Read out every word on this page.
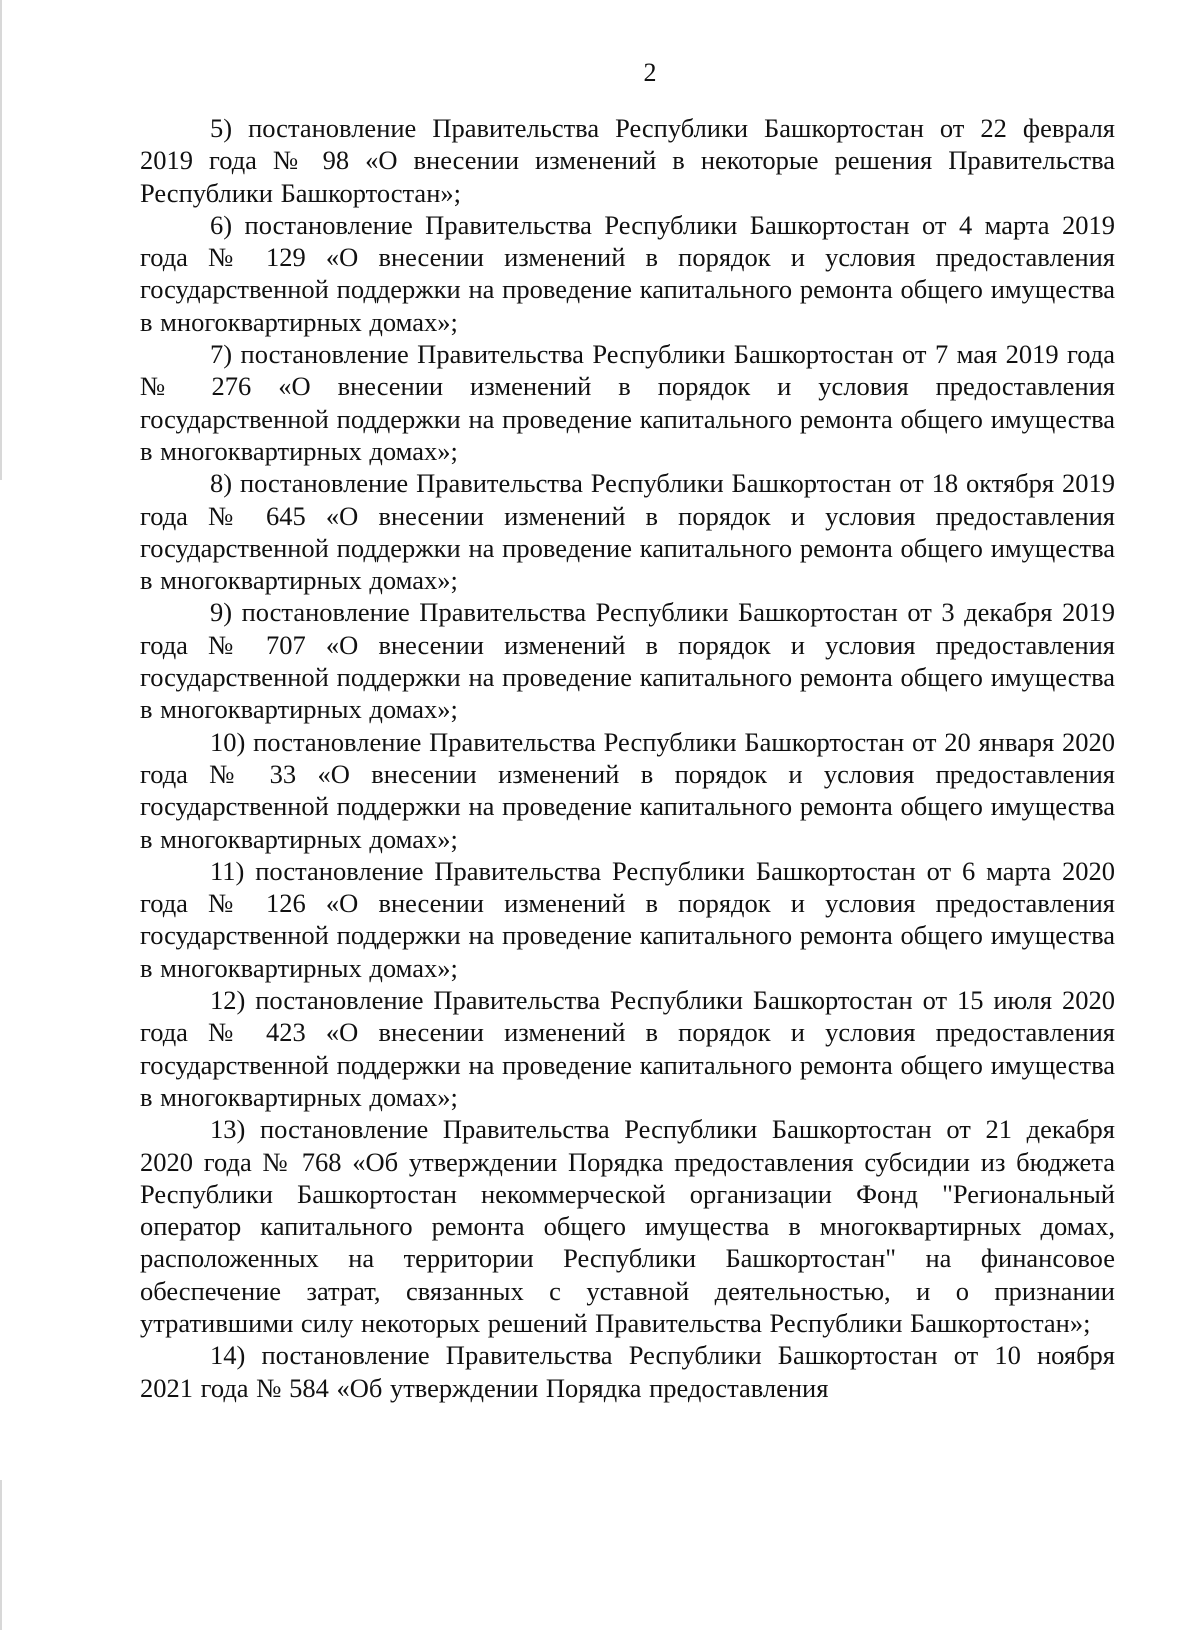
2

5) постановление Правительства Республики Башкортостан от 22 февраля 2019 года № 98 «О внесении изменений в некоторые решения Правительства Республики Башкортостан»;

6) постановление Правительства Республики Башкортостан от 4 марта 2019 года № 129 «О внесении изменений в порядок и условия предоставления государственной поддержки на проведение капитального ремонта общего имущества в многоквартирных домах»;

7) постановление Правительства Республики Башкортостан от 7 мая 2019 года № 276 «О внесении изменений в порядок и условия предоставления государственной поддержки на проведение капитального ремонта общего имущества в многоквартирных домах»;

8) постановление Правительства Республики Башкортостан от 18 октября 2019 года № 645 «О внесении изменений в порядок и условия предоставления государственной поддержки на проведение капитального ремонта общего имущества в многоквартирных домах»;

9) постановление Правительства Республики Башкортостан от 3 декабря 2019 года № 707 «О внесении изменений в порядок и условия предоставления государственной поддержки на проведение капитального ремонта общего имущества в многоквартирных домах»;

10) постановление Правительства Республики Башкортостан от 20 января 2020 года № 33 «О внесении изменений в порядок и условия предоставления государственной поддержки на проведение капитального ремонта общего имущества в многоквартирных домах»;

11) постановление Правительства Республики Башкортостан от 6 марта 2020 года № 126 «О внесении изменений в порядок и условия предоставления государственной поддержки на проведение капитального ремонта общего имущества в многоквартирных домах»;

12) постановление Правительства Республики Башкортостан от 15 июля 2020 года № 423 «О внесении изменений в порядок и условия предоставления государственной поддержки на проведение капитального ремонта общего имущества в многоквартирных домах»;

13) постановление Правительства Республики Башкортостан от 21 декабря 2020 года № 768 «Об утверждении Порядка предоставления субсидии из бюджета Республики Башкортостан некоммерческой организации Фонд "Региональный оператор капитального ремонта общего имущества в многоквартирных домах, расположенных на территории Республики Башкортостан" на финансовое обеспечение затрат, связанных с уставной деятельностью, и о признании утратившими силу некоторых решений Правительства Республики Башкортостан»;

14) постановление Правительства Республики Башкортостан от 10 ноября 2021 года № 584 «Об утверждении Порядка предоставления
